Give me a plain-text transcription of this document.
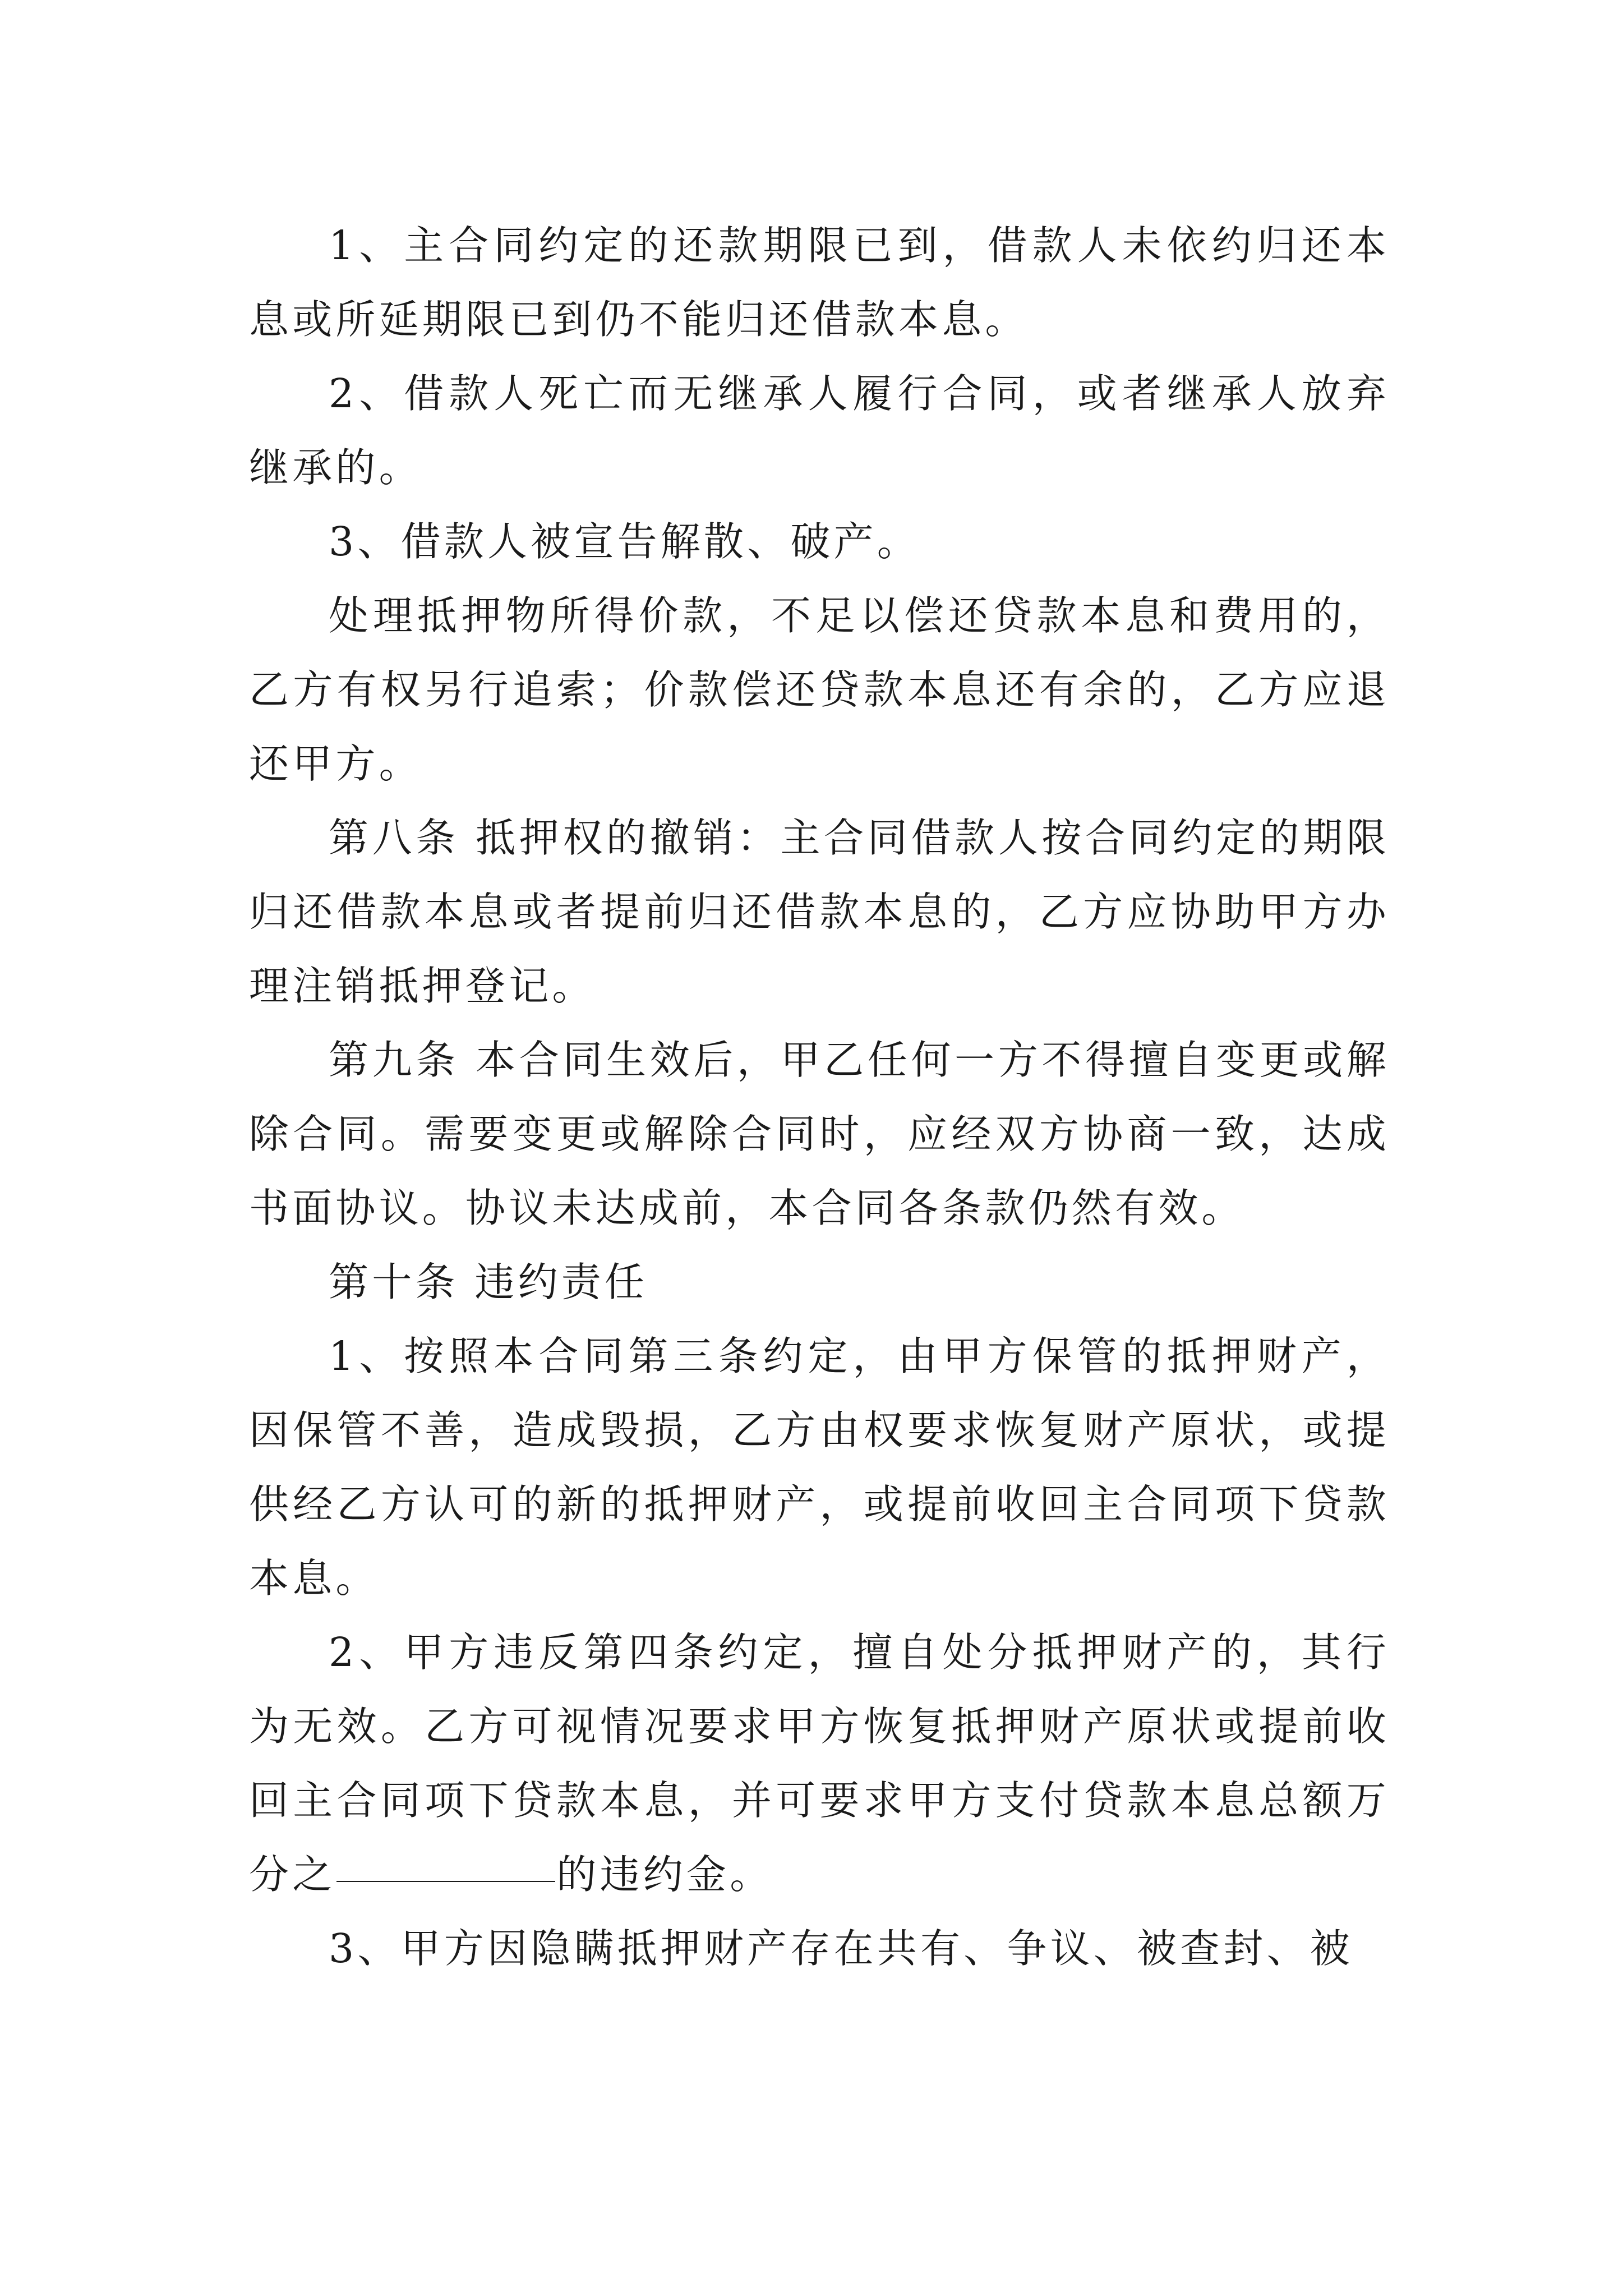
1、主合同约定的还款期限已到，借款人未依约归还本息或所延期限已到仍不能归还借款本息。

2、借款人死亡而无继承人履行合同，或者继承人放弃继承的。

3、借款人被宣告解散、破产。

处理抵押物所得价款，不足以偿还贷款本息和费用的，乙方有权另行追索；价款偿还贷款本息还有余的，乙方应退还甲方。

第八条 抵押权的撤销：主合同借款人按合同约定的期限归还借款本息或者提前归还借款本息的，乙方应协助甲方办理注销抵押登记。

第九条 本合同生效后，甲乙任何一方不得擅自变更或解除合同。需要变更或解除合同时，应经双方协商一致，达成书面协议。协议未达成前，本合同各条款仍然有效。

第十条 违约责任

1、按照本合同第三条约定，由甲方保管的抵押财产，因保管不善，造成毁损，乙方由权要求恢复财产原状，或提供经乙方认可的新的抵押财产，或提前收回主合同项下贷款本息。

2、甲方违反第四条约定，擅自处分抵押财产的，其行为无效。乙方可视情况要求甲方恢复抵押财产原状或提前收回主合同项下贷款本息，并可要求甲方支付贷款本息总额万分之	的违约金。

3、甲方因隐瞒抵押财产存在共有、争议、被查封、被
